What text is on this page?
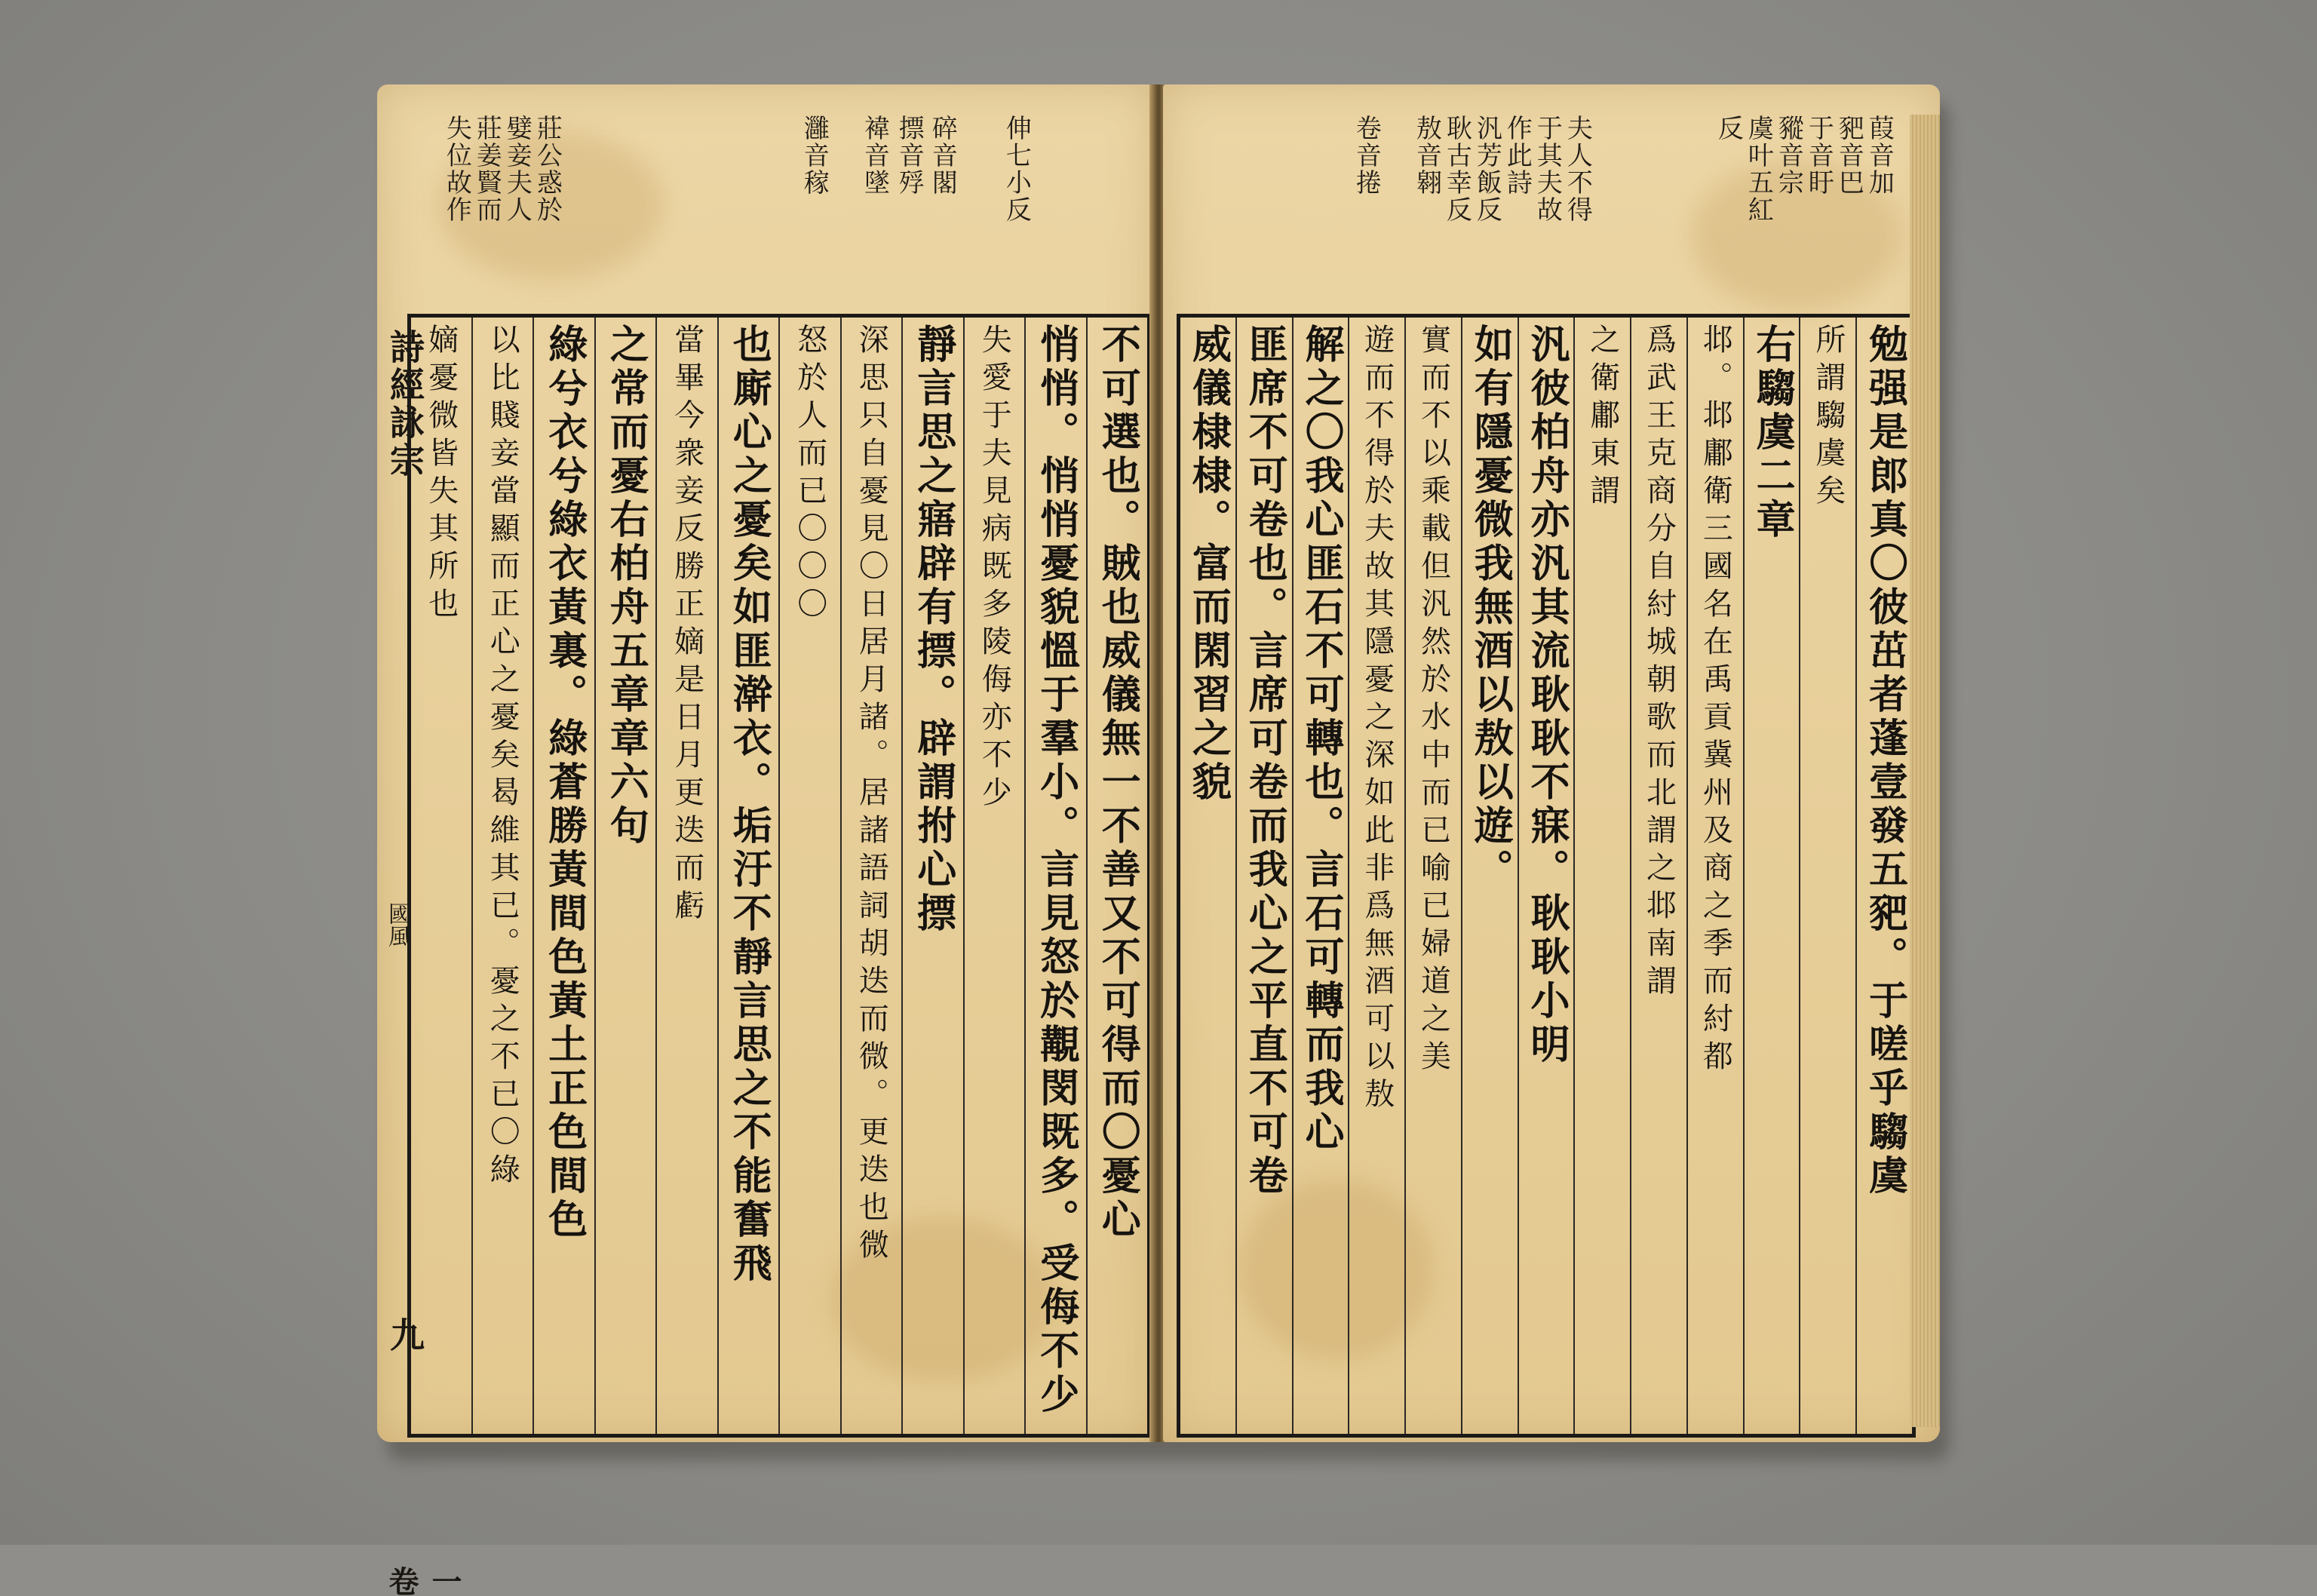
伸七小反
碎音閣
摽音殍
褘音墜
灉音稼
莊公惑於
嬖妾夫人
莊姜賢而
失位故作
詩經詠宗
國風
九
一卷
不可選也。賊也威儀無一不善又不可得而〇憂心
悄悄。悄悄憂貌慍于羣小。言見怒於覯閔既多。受侮不少
失愛于夫見病既多陵侮亦不少
靜言思之寤辟有摽。辟謂拊心摽
深思只自憂見〇日居月諸。居諸語詞胡迭而微。更迭也微
怒於人而已〇〇〇
也廝心之憂矣如匪澣衣。垢汙不靜言思之不能奮飛
當畢今衆妾反勝正嫡是日月更迭而虧
之常而憂右柏舟五章章六句
綠兮衣兮綠衣黃裏。綠蒼勝黃間色黃土正色間色
以比賤妾當顯而正心之憂矣曷維其已。憂之不已〇綠
嫡憂微皆失其所也
葭音加
豝音巴
于音盱
豵音宗
虞叶五紅
反
夫人不得
于其夫故
作此詩
汎芳飯反
耿古幸反
敖音翱
卷音捲
勉强是郎真〇彼茁者蓬壹發五豝。于嗟乎騶虞
所謂騶虞矣
右騶虞二章
邶。邶鄘衛三國名在禹貢冀州及商之季而紂都
爲武王克商分自紂城朝歌而北謂之邶南謂
之衛鄘東謂
汎彼柏舟亦汎其流耿耿不寐。耿耿小明
如有隱憂微我無酒以敖以遊。
實而不以乘載但汎然於水中而已喻已婦道之美
遊而不得於夫故其隱憂之深如此非爲無酒可以敖
解之〇我心匪石不可轉也。言石可轉而我心
匪席不可卷也。言席可卷而我心之平直不可卷
威儀棣棣。富而閑習之貌
